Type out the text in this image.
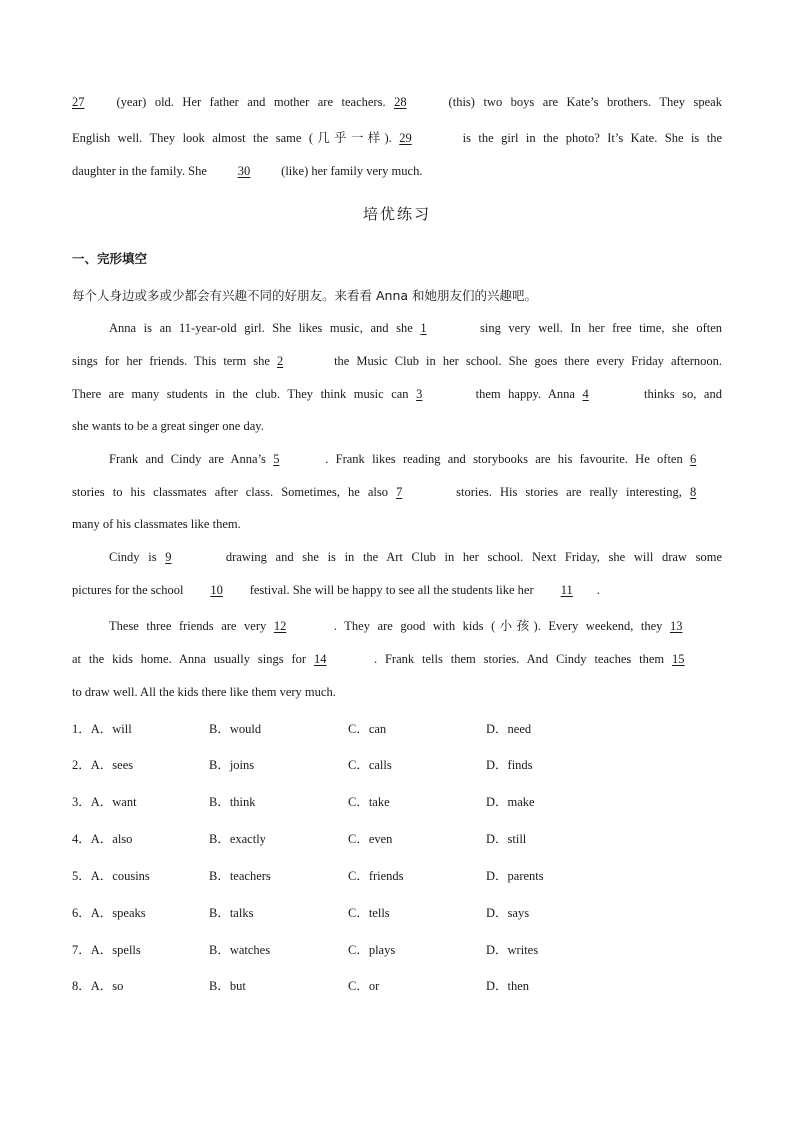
27 (year) old. Her father and mother are teachers. 28	(this) two boys are Kate’s brothers. They speak
English well. They look almost the same (几乎一样). 29	is the girl in the photo? It’s Kate. She is the
daughter in the family. She 30 (like) her family very much.
培优练习
一、完形填空
每个人身边或多或少都会有兴趣不同的好朋友。来看看 Anna 和她朋友们的兴趣吧。
Anna is an 11-year-old girl. She likes music, and she 1	sing very well. In her free time, she often
sings for her friends. This term she 2	the Music Club in her school. She goes there every Friday afternoon.
There are many students in the club. They think music can 3	them happy. Anna 4	thinks so, and
she wants to be a great singer one day.
Frank and Cindy are Anna’s 5	. Frank likes reading and storybooks are his favourite. He often 6
stories to his classmates after class. Sometimes, he also 7	stories. His stories are really interesting, 8
many of his classmates like them.
Cindy is 9	drawing and she is in the Art Club in her school. Next Friday, she will draw some
pictures for the school 10 festival. She will be happy to see all the students like her 11 .
These three friends are very 12	. They are good with kids (小孩). Every weekend, they 13
at the kids home. Anna usually sings for 14	. Frank tells them stories. And Cindy teaches them 15
to draw well. All the kids there like them very much.
1．A．will	B．would	C．can	D．need
2．A．sees	B．joins	C．calls	D．finds
3．A．want	B．think	C．take	D．make
4．A．also	B．exactly	C．even	D．still
5．A．cousins	B．teachers	C．friends	D．parents
6．A．speaks	B．talks	C．tells	D．says
7．A．spells	B．watches	C．plays	D．writes
8．A．so	B．but	C．or	D．then
